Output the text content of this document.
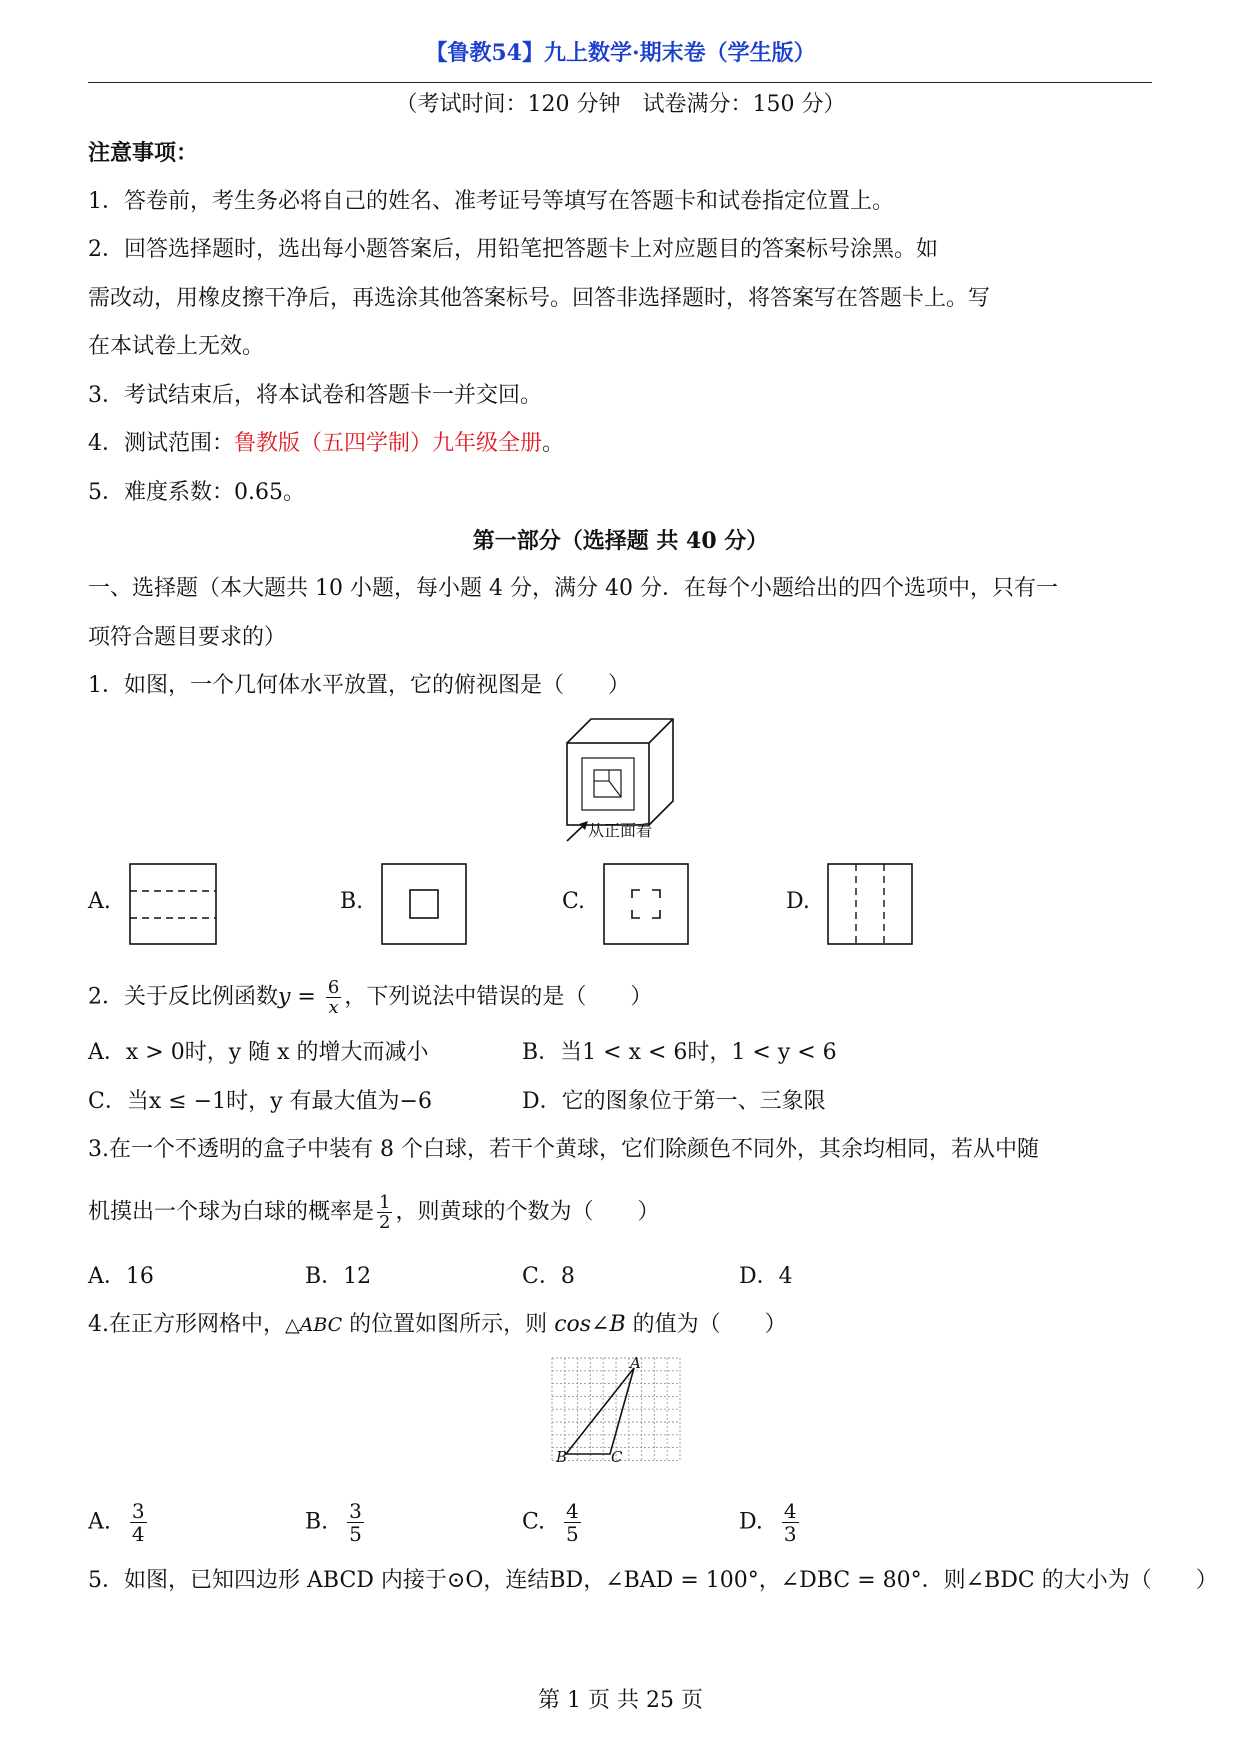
【鲁教54】九上数学·期末卷（学生版）
（考试时间：120 分钟　试卷满分：150 分）
注意事项：
1．答卷前，考生务必将自己的姓名、准考证号等填写在答题卡和试卷指定位置上。
2．回答选择题时，选出每小题答案后，用铅笔把答题卡上对应题目的答案标号涂黑。如
需改动，用橡皮擦干净后，再选涂其他答案标号。回答非选择题时，将答案写在答题卡上。写
在本试卷上无效。
3．考试结束后，将本试卷和答题卡一并交回。
4．测试范围：鲁教版（五四学制）九年级全册。
5．难度系数：0.65。
第一部分（选择题 共 40 分）
一、选择题（本大题共 10 小题，每小题 4 分，满分 40 分．在每个小题给出的四个选项中，只有一
项符合题目要求的）
1．如图，一个几何体水平放置，它的俯视图是（　　）
从正面看
A.	B.	C.	D.
2．关于反比例函数$y = \frac{6}{x}$ ，下列说法中错误的是（　　）
A．x > 0时，y 随 x 的增大而减小	B．当1 < x < 6时，1 < y < 6
C．当x ≤ −1时，y 有最大值为−6	D．它的图象位于第一、三象限
3.在一个不透明的盒子中装有 8 个白球，若干个黄球，它们除颜色不同外，其余均相同，若从中随
机摸出一个球为白球的概率是 $\frac{1}{2}$ ，则黄球的个数为（　　）
A．16	B．12	C．8	D．4
4.在正方形网格中，△ABC 的位置如图所示，则 cos∠B 的值为（　　）
A
B	C
A. $\frac{3}{4}$	B. $\frac{3}{5}$	C. $\frac{4}{5}$	D. $\frac{4}{3}$
5．如图，已知四边形 ABCD 内接于⊙O，连结BD，∠BAD = 100°，∠DBC = 80°．则∠BDC 的大小为（　　）
第 1 页 共 25 页
